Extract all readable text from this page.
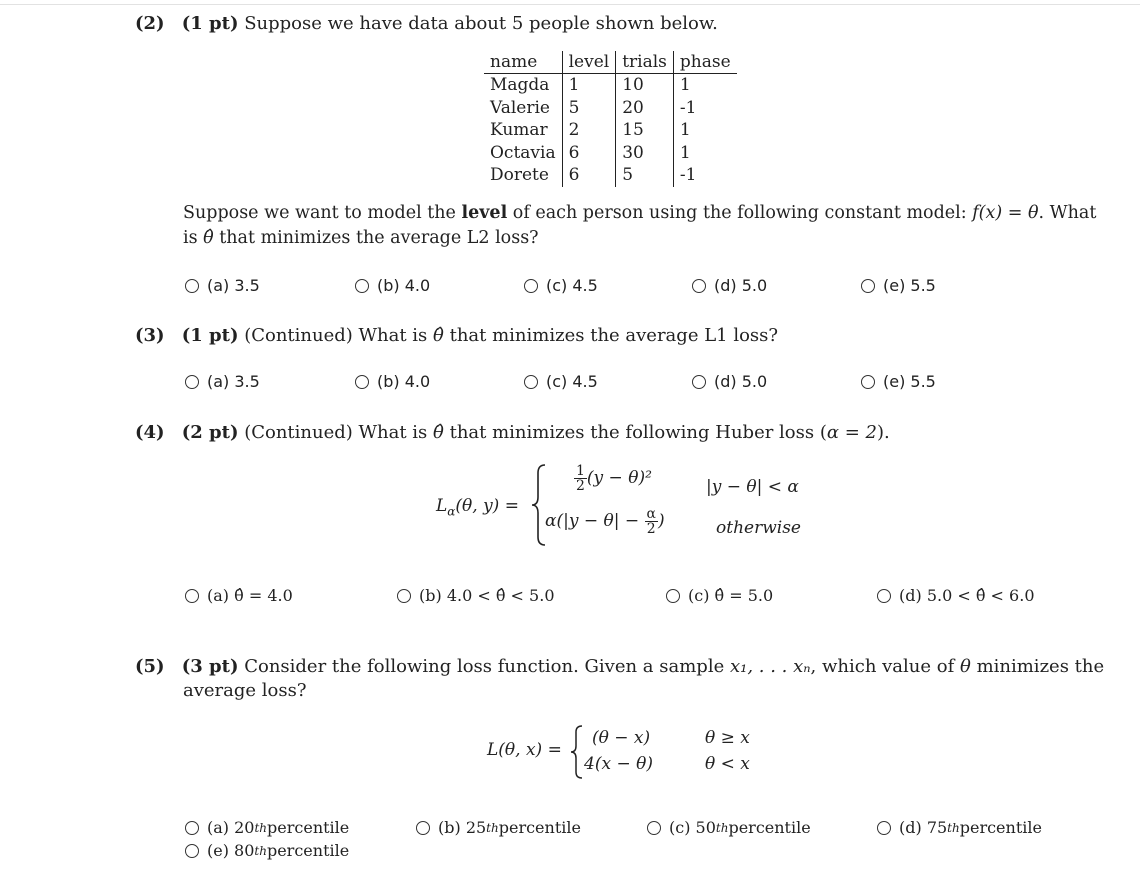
(2) (1 pt) Suppose we have data about 5 people shown below.
name	level	trials	phase
Magda	1	10	1
Valerie	5	20	-1
Kumar	2	15	1
Octavia	6	30	1
Dorete	6	5	-1
Suppose we want to model the level of each person using the following constant model: f(x) = θ. What
is θ̂ that minimizes the average L2 loss?
(a) 3.5	(b) 4.0	(c) 4.5	(d) 5.0	(e) 5.5
(3) (1 pt) (Continued) What is θ̂ that minimizes the average L1 loss?
(a) 3.5	(b) 4.0	(c) 4.5	(d) 5.0	(e) 5.5
(4) (2 pt) (Continued) What is θ̂ that minimizes the following Huber loss (α = 2).
$L_\alpha(\theta$, y) =
$\frac{1}{2} (y - \theta)^2$	|y − θ| < α
$\alpha(|y - \theta| - \frac{\alpha}{2}$ )	otherwise
(a) θ̂ = 4.0	(b) 4.0 < θ̂ < 5.0	(c) θ̂ = 5.0	(d) 5.0 < θ̂ < 6.0
(5) (3 pt) Consider the following loss function. Given a sample x₁, . . . xₙ, which value of θ minimizes the
average loss?
L(θ, x) =
(θ − x)	θ ≥ x
4(x − θ)	θ < x
(a) 20 th percentile	(b) 25 th percentile	(c) 50 th percentile	(d) 75 th percentile
(e) 80 th percentile
